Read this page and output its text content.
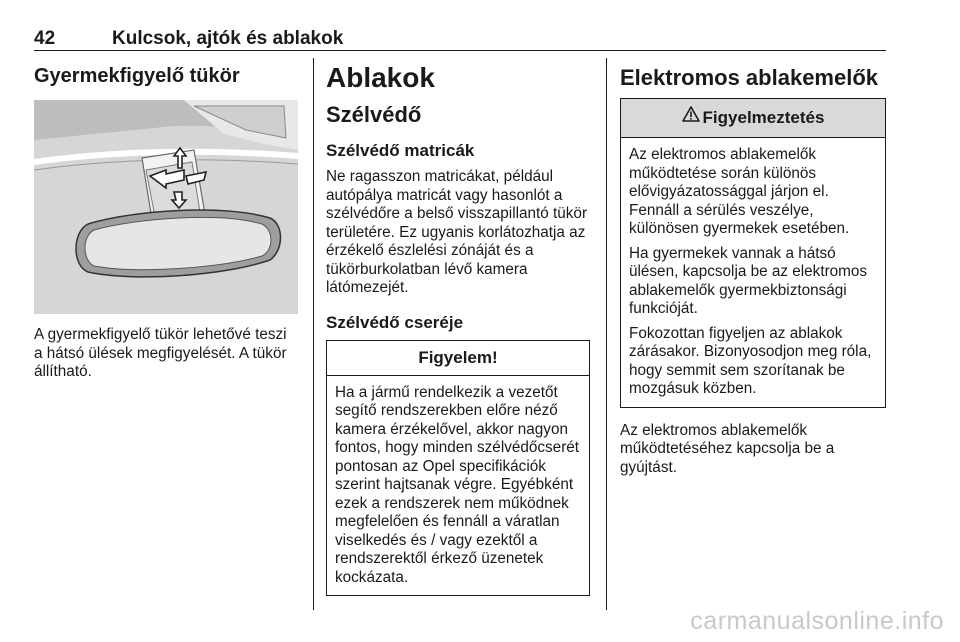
42	Kulcsok, ajtók és ablakok
Gyermekfigyelő tükör

A gyermekfigyelő tükör lehetővé teszi a hátsó ülések megfigyelését. A tükör állítható.

Ablakok
Szélvédő
Szélvédő matricák

Ne ragasszon matricákat, például autópálya matricát vagy hasonlót a szélvédőre a belső visszapillantó tükör területére. Ez ugyanis korlátozhatja az érzékelő észlelési zónáját és a tükörburkolatban lévő kamera látómezejét.

Szélvédő cseréje
Figyelem!

Ha a jármű rendelkezik a vezetőt segítő rendszerekben előre néző kamera érzékelővel, akkor nagyon fontos, hogy minden szélvédőcserét pontosan az Opel specifikációk szerint hajtsanak végre. Egyébként ezek a rendszerek nem működnek megfelelően és fennáll a váratlan viselkedés és / vagy ezektől a rendszerektől érkező üzenetek kockázata.

Elektromos ablakemelők
Figyelmeztetés

Az elektromos ablakemelők működtetése során különös elővigyázatossággal járjon el. Fennáll a sérülés veszélye, különösen gyermekek esetében.

Ha gyermekek vannak a hátsó ülésen, kapcsolja be az elektromos ablakemelők gyermekbiztonsági funkcióját.

Fokozottan figyeljen az ablakok zárásakor. Bizonyosodjon meg róla, hogy semmit sem szorítanak be mozgásuk közben.

Az elektromos ablakemelők működtetéséhez kapcsolja be a gyújtást.

carmanualsonline.info
